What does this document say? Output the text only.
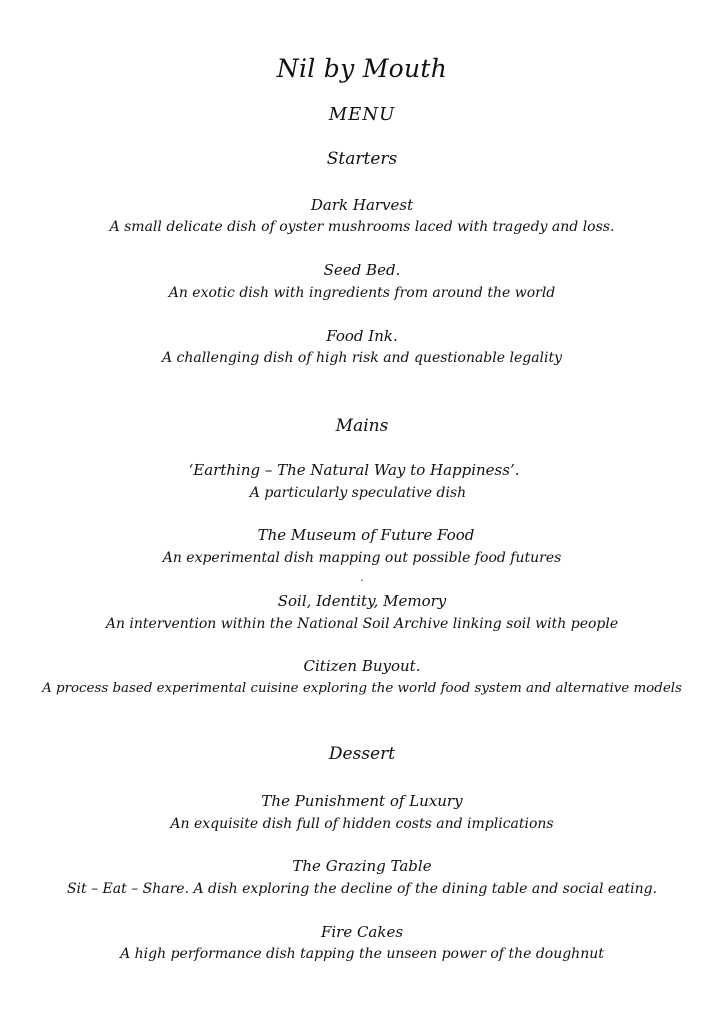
Nil by Mouth
MENU
Starters
Dark Harvest
A small delicate dish of oyster mushrooms laced with tragedy and loss.
Seed Bed.
An exotic dish with ingredients from around the world
Food Ink.
A challenging dish of high risk and questionable legality
Mains
‘Earthing – The Natural Way to Happiness’.
A particularly speculative dish
The Museum of Future Food
An experimental dish mapping out possible food futures
.
Soil, Identity, Memory
An intervention within the National Soil Archive linking soil with people
Citizen Buyout.
A process based experimental cuisine exploring the world food system and alternative models
Dessert
The Punishment of Luxury
An exquisite dish full of hidden costs and implications
The Grazing Table
Sit – Eat – Share. A dish exploring the decline of the dining table and social eating.
Fire Cakes
A high performance dish tapping the unseen power of the doughnut
